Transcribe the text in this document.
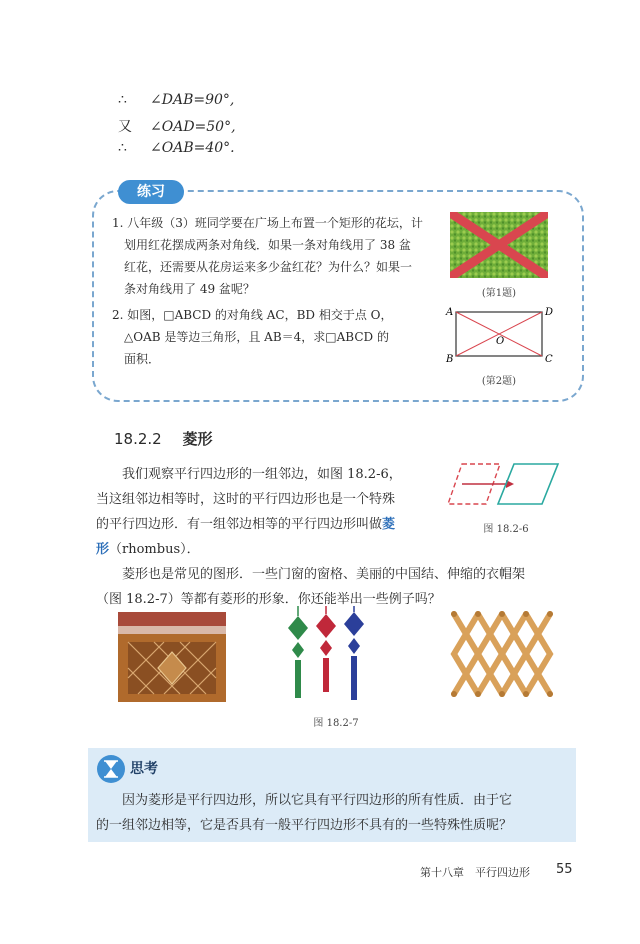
∴ ∠DAB=90°,
又 ∠OAD=50°,
∴ ∠OAB=40°.
练习
1. 八年级（3）班同学要在广场上布置一个矩形的花坛，计
划用红花摆成两条对角线．如果一条对角线用了 38 盆
红花，还需要从花房运来多少盆红花？为什么？如果一
条对角线用了 49 盆呢？
2. 如图，□ABCD 的对角线 AC，BD 相交于点 O，
△OAB 是等边三角形，且 AB＝4，求□ABCD 的
面积．
(第1题)
A
B	C
D
O
(第2题)
18.2.2 菱形
我们观察平行四边形的一组邻边，如图 18.2-6，
当这组邻边相等时，这时的平行四边形也是一个特殊
的平行四边形．有一组邻边相等的平行四边形叫做菱
形（rhombus）．
图 18.2-6
菱形也是常见的图形．一些门窗的窗格、美丽的中国结、伸缩的衣帽架
（图 18.2-7）等都有菱形的形象．你还能举出一些例子吗？
图 18.2-7
思考
因为菱形是平行四边形，所以它具有平行四边形的所有性质．由于它
的一组邻边相等，它是否具有一般平行四边形不具有的一些特殊性质呢？
第十八章　平行四边形 55
